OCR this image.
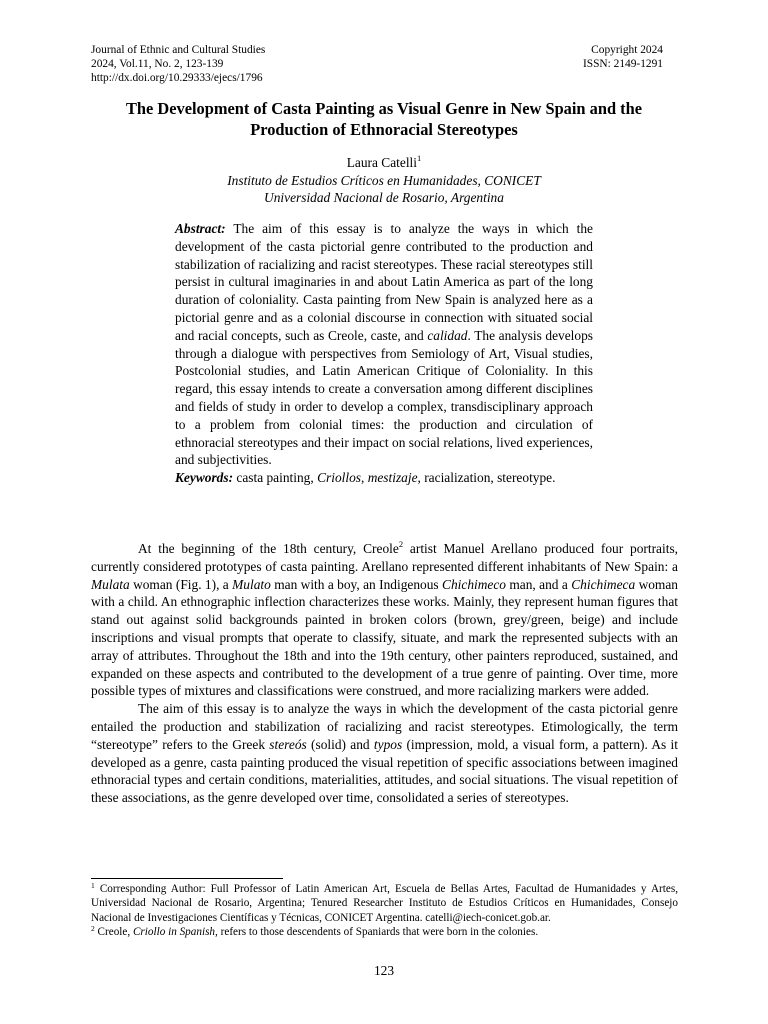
Journal of Ethnic and Cultural Studies
2024, Vol.11, No. 2, 123-139
http://dx.doi.org/10.29333/ejecs/1796
Copyright 2024
ISSN: 2149-1291
The Development of Casta Painting as Visual Genre in New Spain and the
Production of Ethnoracial Stereotypes
Laura Catelli$^1$
Instituto de Estudios Críticos en Humanidades, CONICET
Universidad Nacional de Rosario, Argentina

Abstract: The aim of this essay is to analyze the ways in which the development of the casta pictorial genre contributed to the production and stabilization of racializing and racist stereotypes. These racial stereotypes still persist in cultural imaginaries in and about Latin America as part of the long duration of coloniality. Casta painting from New Spain is analyzed here as a pictorial genre and as a colonial discourse in connection with situated social and racial concepts, such as Creole, caste, and calidad. The analysis develops through a dialogue with perspectives from Semiology of Art, Visual studies, Postcolonial studies, and Latin American Critique of Coloniality. In this regard, this essay intends to create a conversation among different disciplines and fields of study in order to develop a complex, transdisciplinary approach to a problem from colonial times: the production and circulation of ethnoracial stereotypes and their impact on social relations, lived experiences, and subjectivities.

Keywords: casta painting, Criollos, mestizaje, racialization, stereotype.

At the beginning of the 18th century, Creole$^2$ artist Manuel Arellano produced four portraits, currently considered prototypes of casta painting. Arellano represented different inhabitants of New Spain: a Mulata woman (Fig. 1), a Mulato man with a boy, an Indigenous Chichimeco man, and a Chichimeca woman with a child. An ethnographic inflection characterizes these works. Mainly, they represent human figures that stand out against solid backgrounds painted in broken colors (brown, grey/green, beige) and include inscriptions and visual prompts that operate to classify, situate, and mark the represented subjects with an array of attributes. Throughout the 18th and into the 19th century, other painters reproduced, sustained, and expanded on these aspects and contributed to the development of a true genre of painting. Over time, more possible types of mixtures and classifications were construed, and more racializing markers were added.

The aim of this essay is to analyze the ways in which the development of the casta pictorial genre entailed the production and stabilization of racializing and racist stereotypes. Etimologically, the term “stereotype” refers to the Greek stereós (solid) and typos (impression, mold, a visual form, a pattern). As it developed as a genre, casta painting produced the visual repetition of specific associations between imagined ethnoracial types and certain conditions, materialities, attitudes, and social situations. The visual repetition of these associations, as the genre developed over time, consolidated a series of stereotypes.

$^1$ Corresponding Author: Full Professor of Latin American Art, Escuela de Bellas Artes, Facultad de Humanidades y Artes, Universidad Nacional de Rosario, Argentina; Tenured Researcher Instituto de Estudios Críticos en Humanidades, Consejo Nacional de Investigaciones Científicas y Técnicas, CONICET Argentina. catelli@iech-conicet.gob.ar.

$^2$ Creole, Criollo in Spanish, refers to those descendents of Spaniards that were born in the colonies.

123
